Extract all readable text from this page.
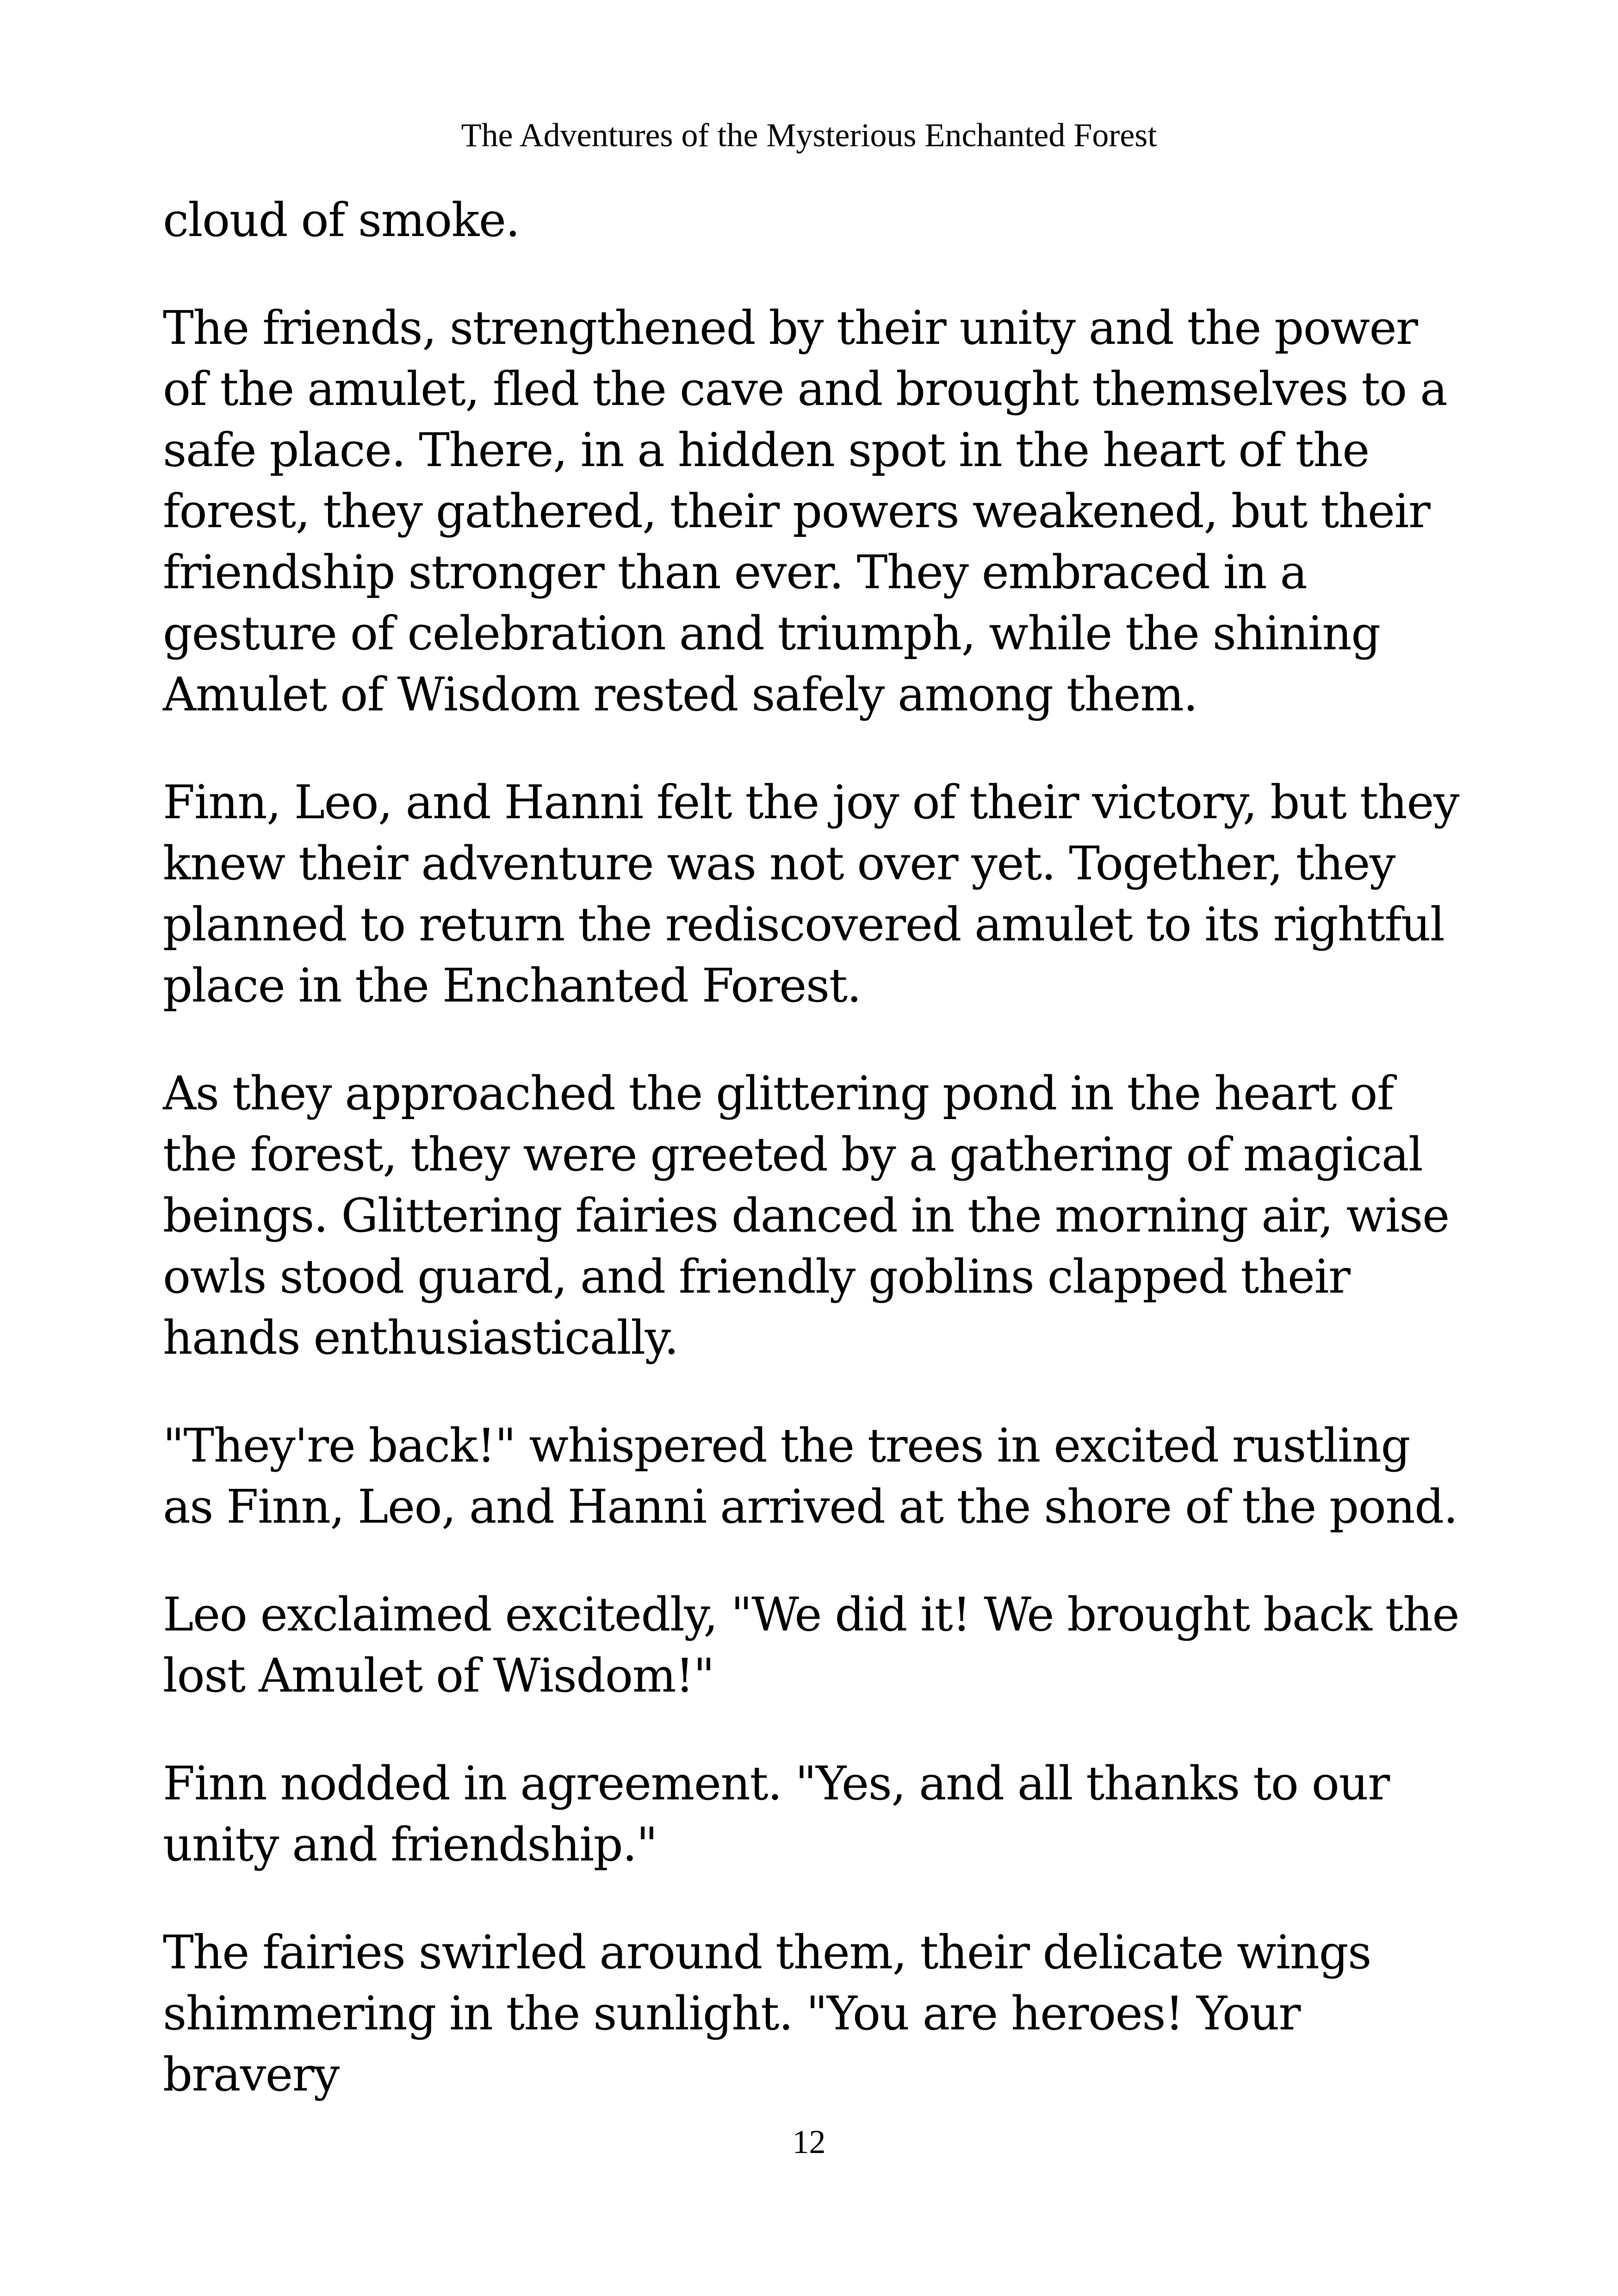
The Adventures of the Mysterious Enchanted Forest

cloud of smoke.

The friends, strengthened by their unity and the power of the amulet, fled the cave and brought themselves to a safe place. There, in a hidden spot in the heart of the forest, they gathered, their powers weakened, but their friendship stronger than ever. They embraced in a gesture of celebration and triumph, while the shining Amulet of Wisdom rested safely among them.

Finn, Leo, and Hanni felt the joy of their victory, but they knew their adventure was not over yet. Together, they planned to return the rediscovered amulet to its rightful place in the Enchanted Forest.

As they approached the glittering pond in the heart of the forest, they were greeted by a gathering of magical beings. Glittering fairies danced in the morning air, wise owls stood guard, and friendly goblins clapped their hands enthusiastically.

"They're back!" whispered the trees in excited rustling as Finn, Leo, and Hanni arrived at the shore of the pond.

Leo exclaimed excitedly, "We did it! We brought back the lost Amulet of Wisdom!"

Finn nodded in agreement. "Yes, and all thanks to our unity and friendship."

The fairies swirled around them, their delicate wings shimmering in the sunlight. "You are heroes! Your bravery

12
